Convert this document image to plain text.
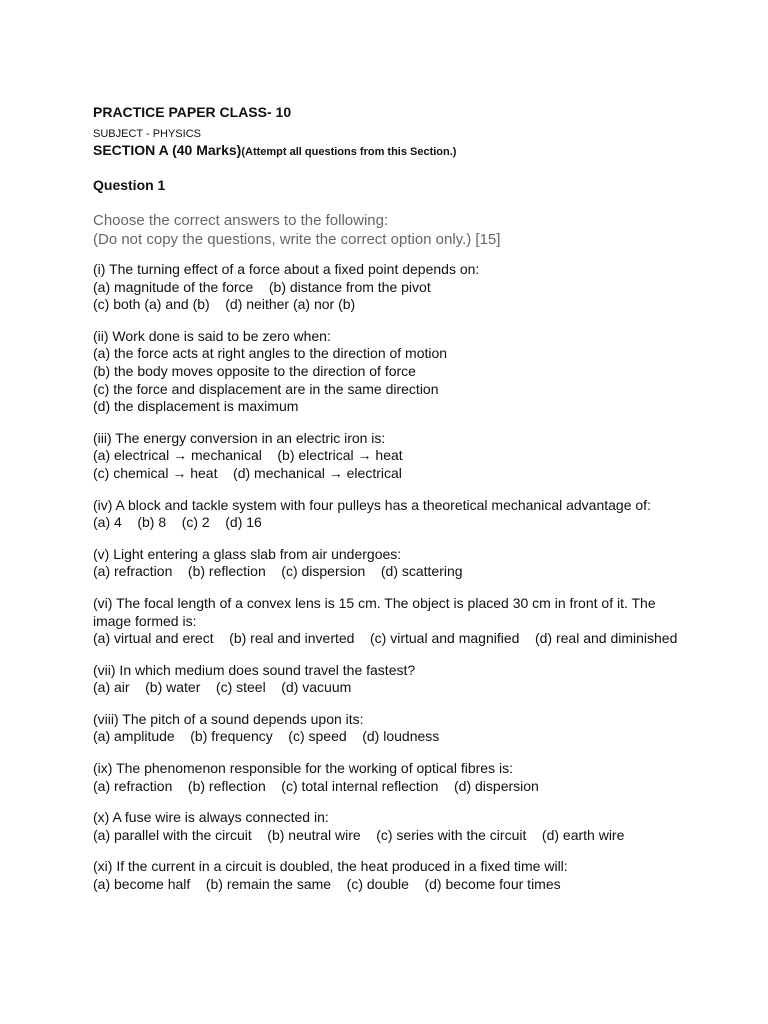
PRACTICE PAPER CLASS- 10
SUBJECT - PHYSICS
SECTION A (40 Marks)(Attempt all questions from this Section.)
Question 1
Choose the correct answers to the following:
(Do not copy the questions, write the correct option only.) [15]
(i) The turning effect of a force about a fixed point depends on:
(a) magnitude of the force    (b) distance from the pivot
(c) both (a) and (b)    (d) neither (a) nor (b)
(ii) Work done is said to be zero when:
(a) the force acts at right angles to the direction of motion
(b) the body moves opposite to the direction of force
(c) the force and displacement are in the same direction
(d) the displacement is maximum
(iii) The energy conversion in an electric iron is:
(a) electrical → mechanical    (b) electrical → heat
(c) chemical → heat    (d) mechanical → electrical
(iv) A block and tackle system with four pulleys has a theoretical mechanical advantage of:
(a) 4    (b) 8    (c) 2    (d) 16
(v) Light entering a glass slab from air undergoes:
(a) refraction    (b) reflection    (c) dispersion    (d) scattering
(vi) The focal length of a convex lens is 15 cm. The object is placed 30 cm in front of it. The image formed is:
(a) virtual and erect    (b) real and inverted    (c) virtual and magnified    (d) real and diminished
(vii) In which medium does sound travel the fastest?
(a) air    (b) water    (c) steel    (d) vacuum
(viii) The pitch of a sound depends upon its:
(a) amplitude    (b) frequency    (c) speed    (d) loudness
(ix) The phenomenon responsible for the working of optical fibres is:
(a) refraction    (b) reflection    (c) total internal reflection    (d) dispersion
(x) A fuse wire is always connected in:
(a) parallel with the circuit    (b) neutral wire    (c) series with the circuit    (d) earth wire
(xi) If the current in a circuit is doubled, the heat produced in a fixed time will:
(a) become half    (b) remain the same    (c) double    (d) become four times
